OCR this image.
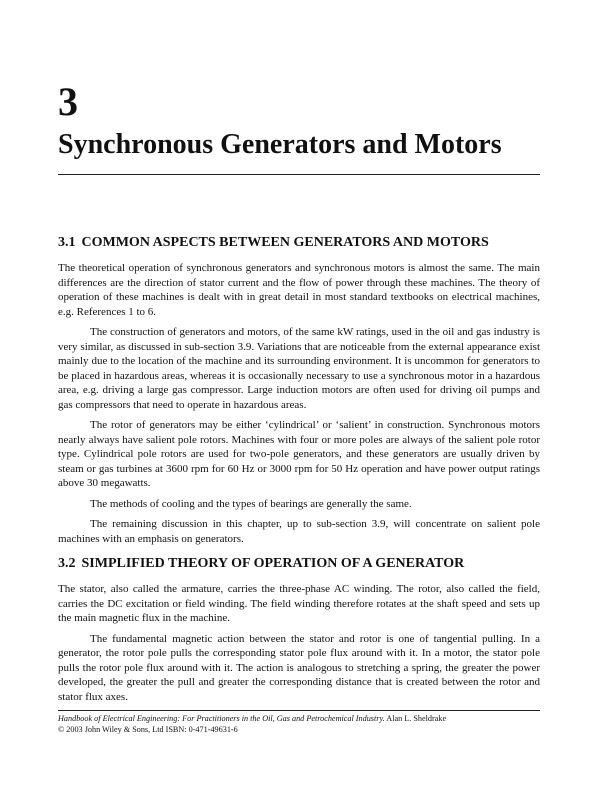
3
Synchronous Generators and Motors
3.1 COMMON ASPECTS BETWEEN GENERATORS AND MOTORS

The theoretical operation of synchronous generators and synchronous motors is almost the same. The main differences are the direction of stator current and the flow of power through these machines. The theory of operation of these machines is dealt with in great detail in most standard textbooks on electrical machines, e.g. References 1 to 6.

The construction of generators and motors, of the same kW ratings, used in the oil and gas industry is very similar, as discussed in sub-section 3.9. Variations that are noticeable from the external appearance exist mainly due to the location of the machine and its surrounding environment. It is uncommon for generators to be placed in hazardous areas, whereas it is occasionally necessary to use a synchronous motor in a hazardous area, e.g. driving a large gas compressor. Large induction motors are often used for driving oil pumps and gas compressors that need to operate in hazardous areas.

The rotor of generators may be either ‘cylindrical’ or ‘salient’ in construction. Synchronous motors nearly always have salient pole rotors. Machines with four or more poles are always of the salient pole rotor type. Cylindrical pole rotors are used for two-pole generators, and these generators are usually driven by steam or gas turbines at 3600 rpm for 60 Hz or 3000 rpm for 50 Hz operation and have power output ratings above 30 megawatts.

The methods of cooling and the types of bearings are generally the same.

The remaining discussion in this chapter, up to sub-section 3.9, will concentrate on salient pole machines with an emphasis on generators.

3.2 SIMPLIFIED THEORY OF OPERATION OF A GENERATOR

The stator, also called the armature, carries the three-phase AC winding. The rotor, also called the field, carries the DC excitation or field winding. The field winding therefore rotates at the shaft speed and sets up the main magnetic flux in the machine.

The fundamental magnetic action between the stator and rotor is one of tangential pulling. In a generator, the rotor pole pulls the corresponding stator pole flux around with it. In a motor, the stator pole pulls the rotor pole flux around with it. The action is analogous to stretching a spring, the greater the power developed, the greater the pull and greater the corresponding distance that is created between the rotor and stator flux axes.

Handbook of Electrical Engineering: For Practitioners in the Oil, Gas and Petrochemical Industry. Alan L. Sheldrake
© 2003 John Wiley & Sons, Ltd ISBN: 0-471-49631-6
